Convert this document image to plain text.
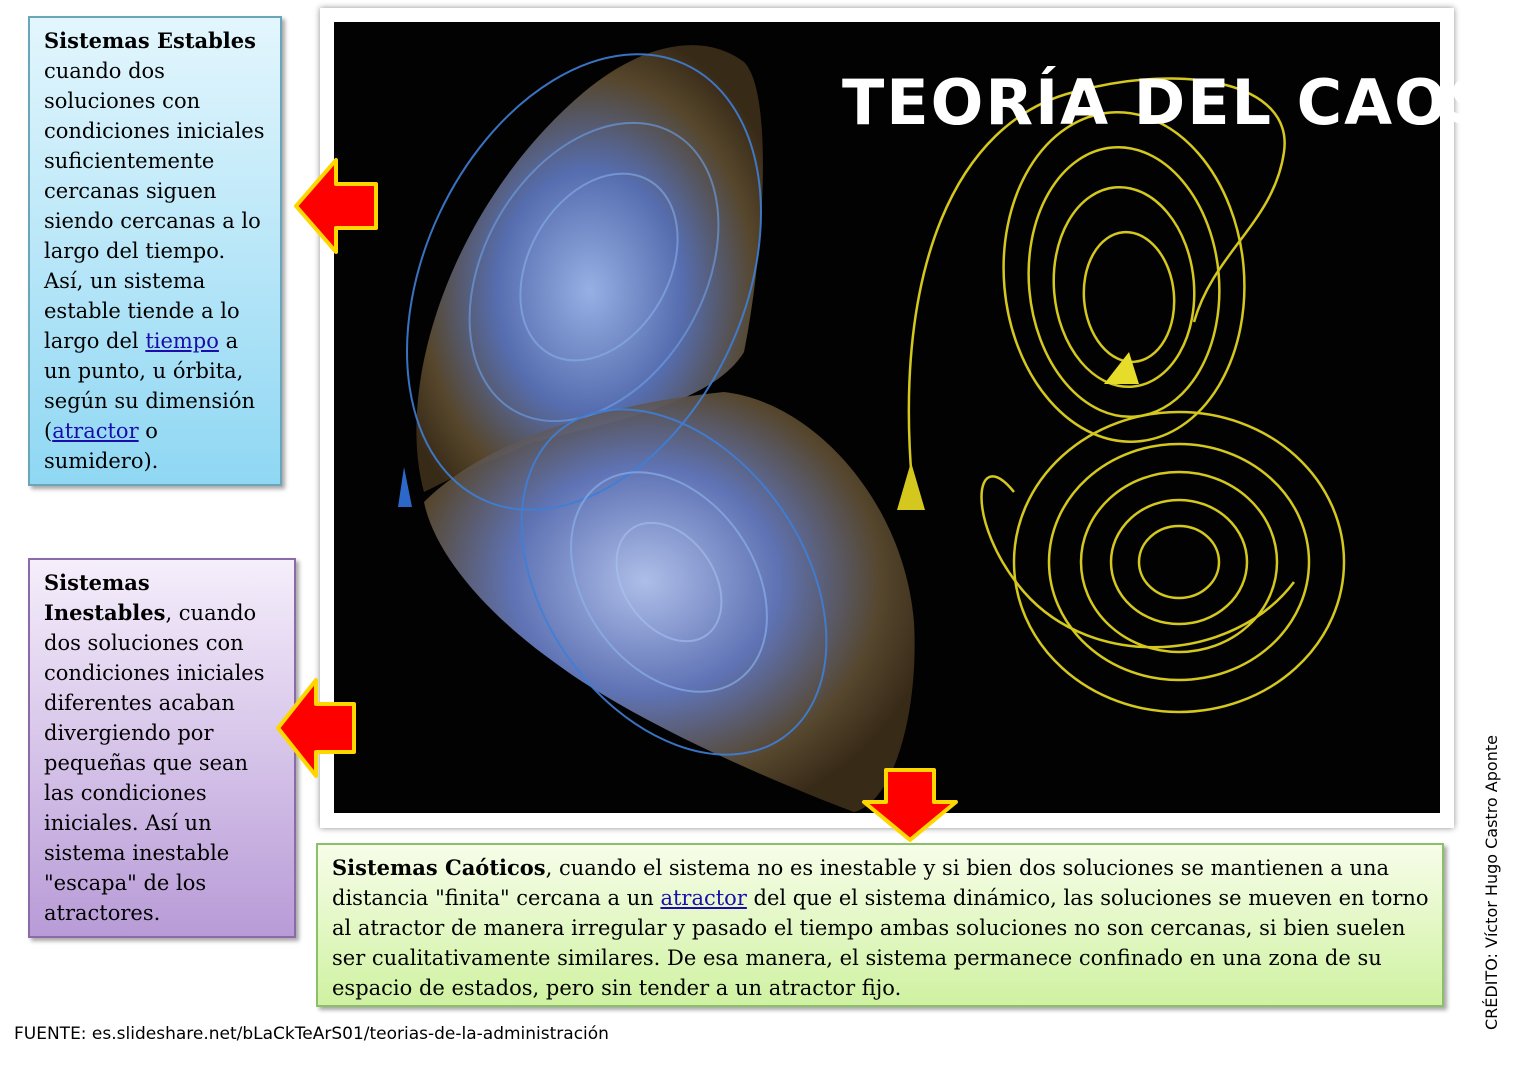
TEORÍA DEL CAOS
Sistemas Estables
cuando dos soluciones con condiciones iniciales suficientemente cercanas siguen siendo cercanas a lo largo del tiempo. Así, un sistema estable tiende a lo largo del tiempo a un punto, u órbita, según su dimensión (atractor o sumidero).
Sistemas Inestables, cuando dos soluciones con condiciones iniciales diferentes acaban divergiendo por pequeñas que sean las condiciones iniciales. Así un sistema inestable "escapa" de los atractores.
Sistemas Caóticos, cuando el sistema no es inestable y si bien dos soluciones se mantienen a una distancia "finita" cercana a un atractor del que el sistema dinámico, las soluciones se mueven en torno al atractor de manera irregular y pasado el tiempo ambas soluciones no son cercanas, si bien suelen ser cualitativamente similares. De esa manera, el sistema permanece confinado en una zona de su espacio de estados, pero sin tender a un atractor fijo.
FUENTE: es.slideshare.net/bLaCkTeArS01/teorias-de-la-administración
CRÉDITO: Víctor Hugo Castro Aponte
